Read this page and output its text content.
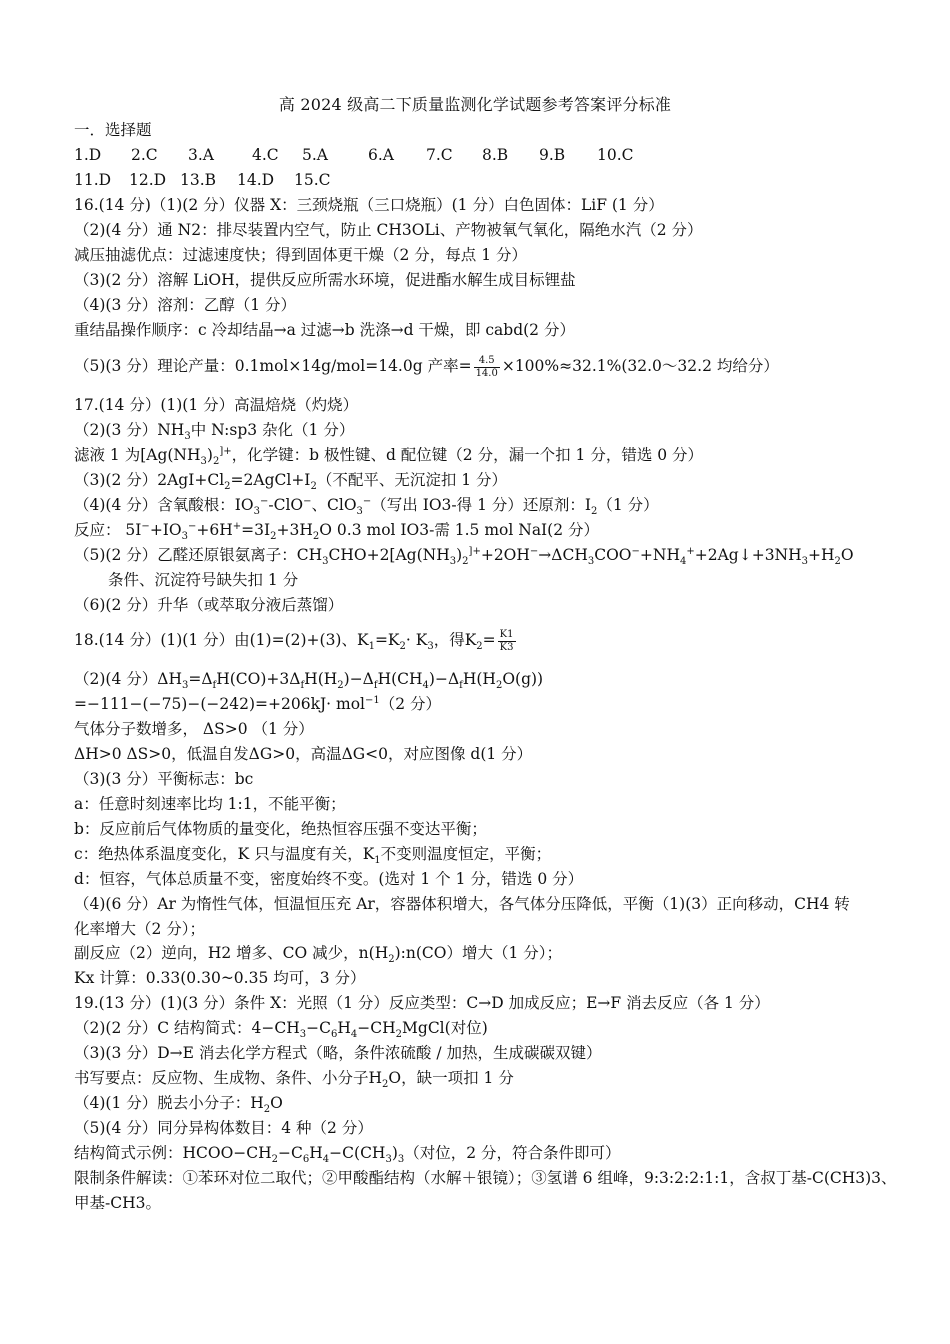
高 2024 级高二下质量监测化学试题参考答案评分标准
一．选择题
1.D 2.C 3.A 4.C 5.A	6.A 7.C 8.B 9.B 10.C
11.D 12.D 13.B 14.D 15.C
16.(14 分)（1)(2 分）仪器 X：三颈烧瓶（三口烧瓶）(1 分）白色固体：LiF (1 分）
（2)(4 分）通 N2：排尽装置内空气，防止 CH3OLi、产物被氧气氧化，隔绝水汽（2 分）
减压抽滤优点：过滤速度快；得到固体更干燥（2 分，每点 1 分）
（3)(2 分）溶解 LiOH，提供反应所需水环境，促进酯水解生成目标锂盐
（4)(3 分）溶剂：乙醇（1 分）
重结晶操作顺序：c 冷却结晶→a 过滤→b 洗涤→d 干燥，即 cabd(2 分）
（5)(3 分）理论产量：0.1mol×14g/mol=14.0g 产率= $\frac{4.5}{14.0}$ ×100%≈32.1%(32.0～32.2 均给分）
17.(14 分）(1)(1 分）高温焙烧（灼烧）
（2)(3 分）$NH_3$中 N:sp3 杂化（1 分）
滤液 1 为[$Ag(NH_3)_2^{]+}$，化学键：b 极性键、d 配位键（2 分，漏一个扣 1 分，错选 0 分）
（3)(2 分）$2AgI+Cl_2=2AgCl+I_2$（不配平、无沉淀扣 1 分）
（4)(4 分）含氧酸根：$IO_3^--ClO^-$、ClO$_3$−（写出 IO3-得 1 分）还原剂：$I_2(1$ 分）
反应： $5I^-+IO_3^-+6H^+=3I_2+3H_2O$ 0.3 mol IO3-需 1.5 mol NaI(2 分）
（5)(2 分）乙醛还原银氨离子：$CH_3CHO+2[Ag(NH_3)_2^{]+}+2OH^-\to\Delta CH_3COO^-+NH_4^++2Ag↓+3NH_3+H_2O$
条件、沉淀符号缺失扣 1 分
（6)(2 分）升华（或萃取分液后蒸馏）
18.(14 分）(1)(1 分）由(1)=(2)+(3)、$K_1=K_2\cdot K_3$，得$K_2= \frac{K1}{K3}$
（2)(4 分）$\Delta H_3=\Delta_fH(CO)+3\Delta_fH(H_2)-\Delta_fH(CH_4)-\Delta_fH(H_2O(g))$
=−111−(−75)−(−242)=+206kJ· mol$^{-1}$（2 分）
气体分子数增多， ΔS>0 （1 分）
ΔH>0 ΔS>0，低温自发ΔG>0，高温ΔG<0，对应图像 d(1 分）
（3)(3 分）平衡标志：bc
a：任意时刻速率比均 1:1，不能平衡；
b：反应前后气体物质的量变化，绝热恒容压强不变达平衡；
c：绝热体系温度变化，K 只与温度有关，$K_1$不变则温度恒定，平衡；
d：恒容，气体总质量不变，密度始终不变。(选对 1 个 1 分，错选 0 分）
（4)(6 分）Ar 为惰性气体，恒温恒压充 Ar，容器体积增大，各气体分压降低，平衡（1)(3）正向移动，CH4 转
化率增大（2 分）；
副反应（2）逆向，H2 增多、CO 减少，$n(H_2):n(CO)$增大（1 分）；
Kx 计算：0.33(0.30~0.35 均可，3 分）
19.(13 分）(1)(3 分）条件 X：光照（1 分）反应类型：C→D 加成反应；E→F 消去反应（各 1 分）
（2)(2 分）C 结构简式：$4-CH_3-C_6H_4-CH_2MgCl$(对位)
（3)(3 分）D→E 消去化学方程式（略，条件浓硫酸 / 加热，生成碳碳双键）
书写要点：反应物、生成物、条件、小分子$H_2O$，缺一项扣 1 分
（4)(1 分）脱去小分子：$H_2O$
（5)(4 分）同分异构体数目：4 种（2 分）
结构简式示例：$HCOO-CH_2-C_6H_4-C(CH_3)_3$（对位，2 分，符合条件即可）
限制条件解读：①苯环对位二取代；②甲酸酯结构（水解＋银镜）；③氢谱 6 组峰，9:3:2:2:1:1，含叔丁基-C(CH3)3、
甲基-CH3。
